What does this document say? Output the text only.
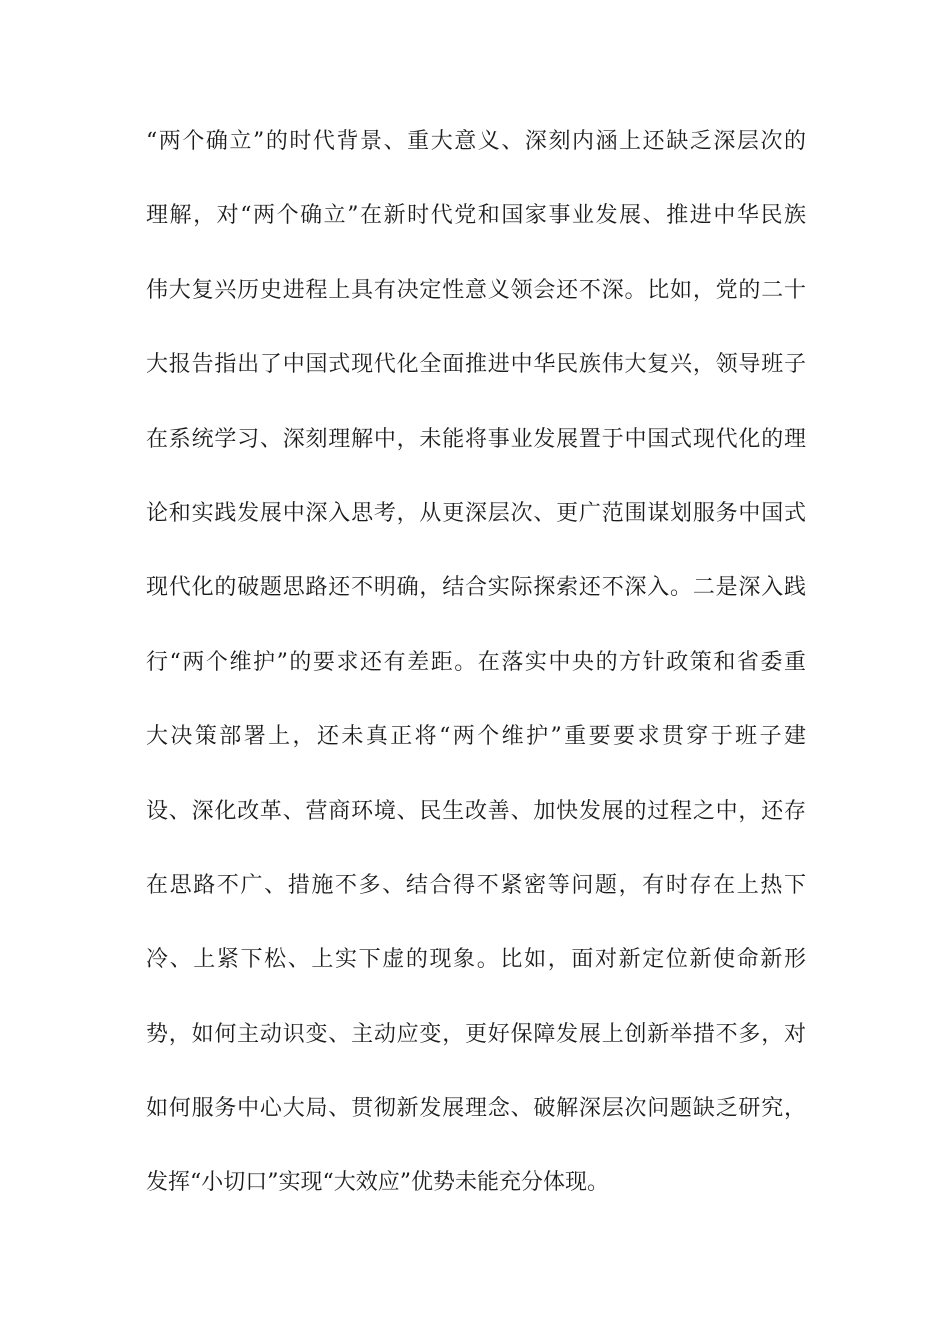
“两个确立”的时代背景、重大意义、深刻内涵上还缺乏深层次的
理解，对“两个确立”在新时代党和国家事业发展、推进中华民族
伟大复兴历史进程上具有决定性意义领会还不深。比如，党的二十
大报告指出了中国式现代化全面推进中华民族伟大复兴，领导班子
在系统学习、深刻理解中，未能将事业发展置于中国式现代化的理
论和实践发展中深入思考，从更深层次、更广范围谋划服务中国式
现代化的破题思路还不明确，结合实际探索还不深入。二是深入践
行“两个维护”的要求还有差距。在落实中央的方针政策和省委重
大决策部署上，还未真正将“两个维护”重要要求贯穿于班子建
设、深化改革、营商环境、民生改善、加快发展的过程之中，还存
在思路不广、措施不多、结合得不紧密等问题，有时存在上热下
冷、上紧下松、上实下虚的现象。比如，面对新定位新使命新形
势，如何主动识变、主动应变，更好保障发展上创新举措不多，对
如何服务中心大局、贯彻新发展理念、破解深层次问题缺乏研究，
发挥“小切口”实现“大效应”优势未能充分体现。
